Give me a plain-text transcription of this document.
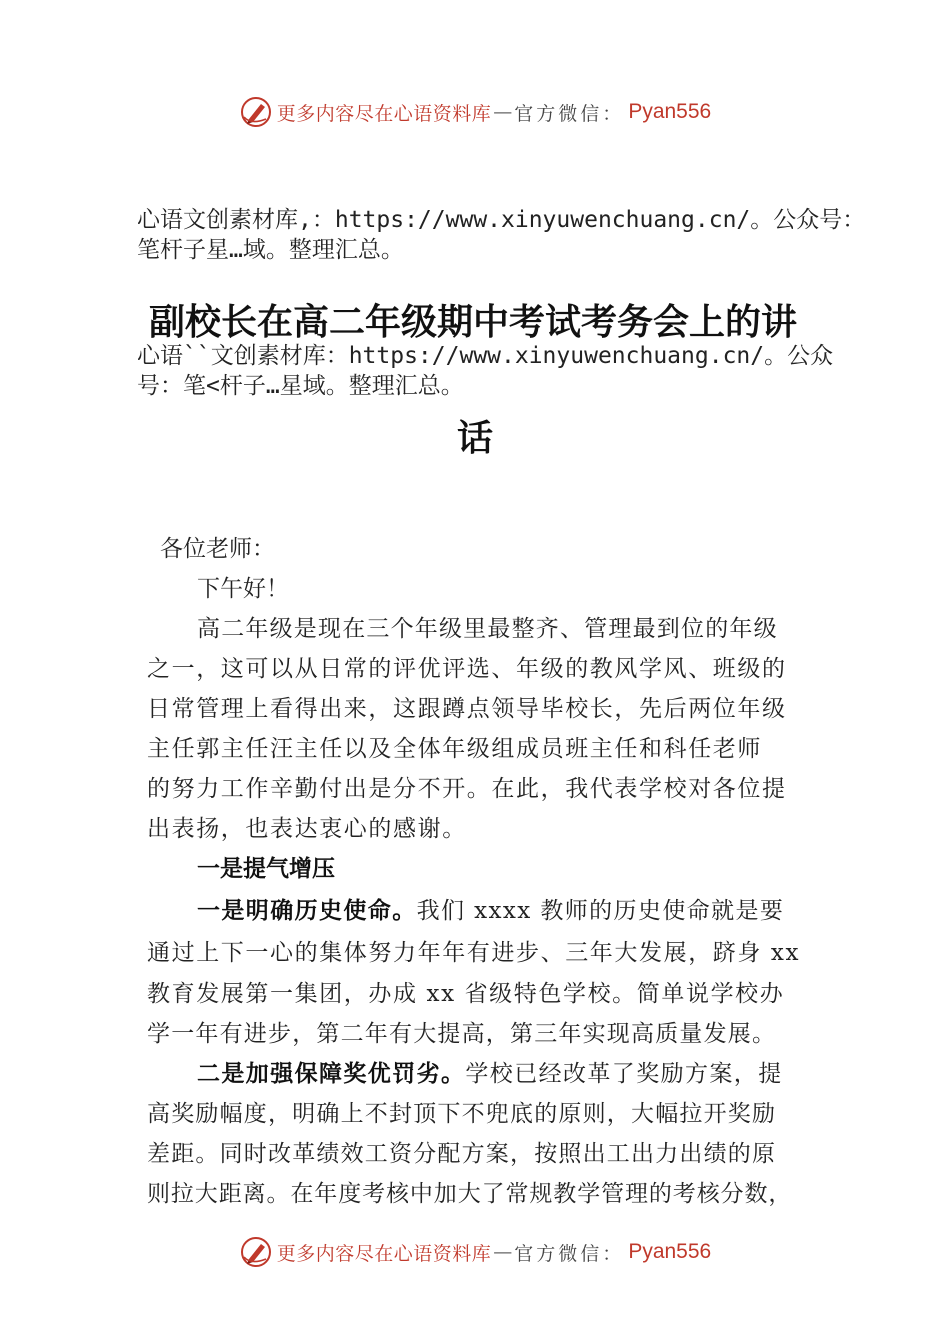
更多内容尽在心语资料库 — 官方微信： Pyan556
心语文创素材库,：https://www.xinyuwenchuang.cn/。公众号：
笔杆子星…域。整理汇总。
副校长在高二年级期中考试考务会上的讲
心语``文创素材库：https://www.xinyuwenchuang.cn/。公众
号：笔<杆子…星域。整理汇总。
话
各位老师：
下午好！
高二年级是现在三个年级里最整齐、管理最到位的年级
之一，这可以从日常的评优评选、年级的教风学风、班级的
日常管理上看得出来，这跟蹲点领导毕校长，先后两位年级
主任郭主任汪主任以及全体年级组成员班主任和科任老师
的努力工作辛勤付出是分不开。在此，我代表学校对各位提
出表扬，也表达衷心的感谢。
一是提气增压
一是明确历史使命。我们 xxxx 教师的历史使命就是要
通过上下一心的集体努力年年有进步、三年大发展，跻身 xx
教育发展第一集团，办成 xx 省级特色学校。简单说学校办
学一年有进步，第二年有大提高，第三年实现高质量发展。
二是加强保障奖优罚劣。学校已经改革了奖励方案，提
高奖励幅度，明确上不封顶下不兜底的原则，大幅拉开奖励
差距。同时改革绩效工资分配方案，按照出工出力出绩的原
则拉大距离。在年度考核中加大了常规教学管理的考核分数，
更多内容尽在心语资料库 — 官方微信： Pyan556
